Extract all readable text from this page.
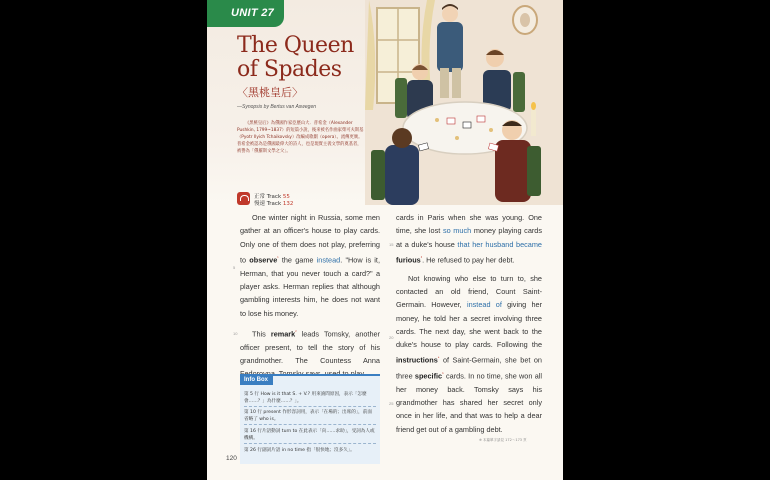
UNIT 27
The Queen of Spades
〈黑桃皇后〉
—Synopsis by Bertus van Aswegen
《黑桃皇后》為俄國作家亞歷山大．普希金（Alexander Pushkin, 1799~1837）的短篇小說，後來被名作曲家柴可夫斯基（Pyotr Ilyich Tchaikovsky）改編成歌劇（opera）。流傳更廣。普希金被認為是俄國最偉大的詩人，也是現實主義文學的奠基者，被譽為「俄羅斯文學之父」。
正常 Track 55
慢速 Track 132

One winter night in Russia, some men gather at an officer's house to play cards. Only one of them does not play, preferring to observe$^{^1}$ the game instead. "How is it, Herman, that you never touch a card?" a player asks. Herman replies that although gambling interests him, he does not want to lose his money.

This remark$^{^2}$ leads Tomsky, another officer present, to tell the story of his grandmother. The Countess Anna

cards in Paris when she was young. One time, she lost so much money playing cards at a duke's house that her husband became furious$^{^3}$. He refused to pay her debt.

Not knowing who else to turn to, she contacted an old friend, Count Saint-Germain. However, instead of giving her money, he told her a secret involving three cards. The next day, she went back to the duke's house to play cards. Following the instructions$^{^4}$ of Saint-Germain, she bet on three specific$^{^5}$ cards. In no time, she won all her money back. Tomsky says his grandmother has shared her secret only once in her life, and that was to help a dear friend get out of a gambling debt.

5
10
15
20
25
Info Box
第 5 行 How is it that S. + V.? 用來詢問原因，表示「怎麼會……？」為什麼……？」。
第 10 行 present 作形容詞用，表示「在場的；出席的」，前面省略了 who is。
第 16 行片語動詞 turn to 在此表示「向……求助」，受詞為人或機構。
第 26 行副詞片語 in no time 指「很快地；沒多久」。
120
※ 本篇單字請見 172～173 頁
